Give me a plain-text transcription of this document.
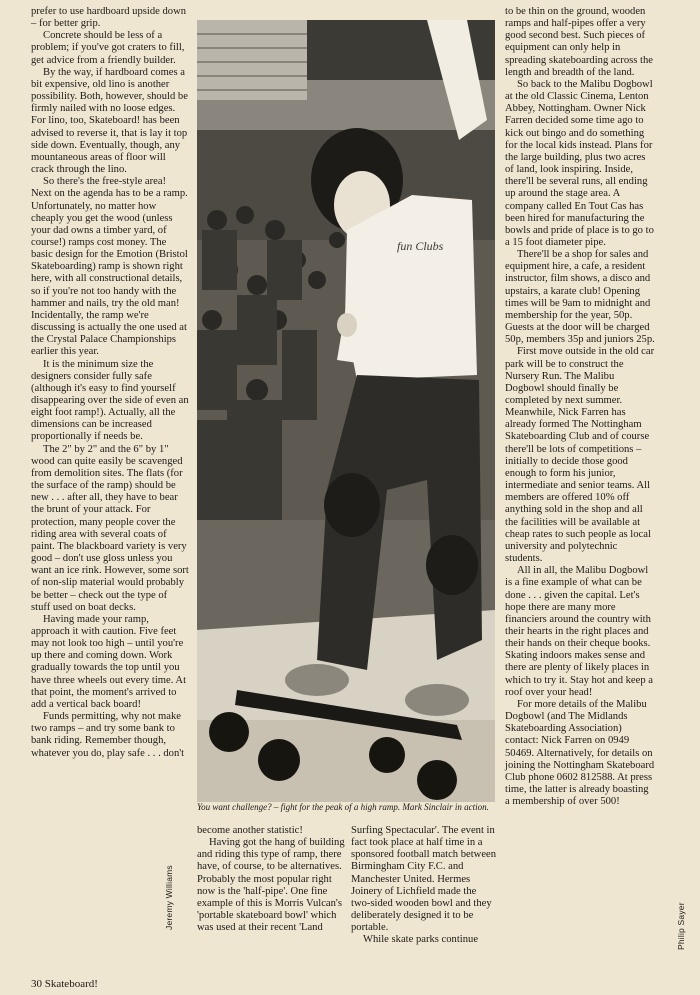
prefer to use hardboard upside down – for better grip.

Concrete should be less of a problem; if you've got craters to fill, get advice from a friendly builder.

By the way, if hardboard comes a bit expensive, old lino is another possibility. Both, however, should be firmly nailed with no loose edges. For lino, too, Skateboard! has been advised to reverse it, that is lay it top side down. Eventually, though, any mountaneous areas of floor will crack through the lino.

So there's the free-style area! Next on the agenda has to be a ramp. Unfortunately, no matter how cheaply you get the wood (unless your dad owns a timber yard, of course!) ramps cost money. The basic design for the Emotion (Bristol Skateboarding) ramp is shown right here, with all constructional details, so if you're not too handy with the hammer and nails, try the old man! Incidentally, the ramp we're discussing is actually the one used at the Crystal Palace Championships earlier this year.

It is the minimum size the designers consider fully safe (although it's easy to find yourself disappearing over the side of even an eight foot ramp!). Actually, all the dimensions can be increased proportionally if needs be.

The 2" by 2" and the 6" by 1" wood can quite easily be scavenged from demolition sites. The flats (for the surface of the ramp) should be new . . . after all, they have to bear the brunt of your attack. For protection, many people cover the riding area with several coats of paint. The blackboard variety is very good – don't use gloss unless you want an ice rink. However, some sort of non-slip material would probably be better – check out the type of stuff used on boat decks.

Having made your ramp, approach it with caution. Five feet may not look too high – until you're up there and coming down. Work gradually towards the top until you have three wheels out every time. At that point, the moment's arrived to add a vertical back board!

Funds permitting, why not make two ramps – and try some bank to bank riding. Remember though, whatever you do, play safe . . . don't

fun Clubs
You want challenge? – fight for the peak of a high ramp. Mark Sinclair in action.

become another statistic!

Having got the hang of building and riding this type of ramp, there have, of course, to be alternatives. Probably the most popular right now is the 'half-pipe'. One fine example of this is Morris Vulcan's 'portable skateboard bowl' which was used at their recent 'Land

Surfing Spectacular'. The event in fact took place at half time in a sponsored football match between Birmingham City F.C. and Manchester United. Hermes Joinery of Lichfield made the two-sided wooden bowl and they deliberately designed it to be portable.

While skate parks continue

to be thin on the ground, wooden ramps and half-pipes offer a very good second best. Such pieces of equipment can only help in spreading skateboarding across the length and breadth of the land.

So back to the Malibu Dogbowl at the old Classic Cinema, Lenton Abbey, Nottingham. Owner Nick Farren decided some time ago to kick out bingo and do something for the local kids instead. Plans for the large building, plus two acres of land, look inspiring. Inside, there'll be several runs, all ending up around the stage area. A company called En Tout Cas has been hired for manufacturing the bowls and pride of place is to go to a 15 foot diameter pipe.

There'll be a shop for sales and equipment hire, a cafe, a resident instructor, film shows, a disco and upstairs, a karate club! Opening times will be 9am to midnight and membership for the year, 50p. Guests at the door will be charged 50p, members 35p and juniors 25p.

First move outside in the old car park will be to construct the Nursery Run. The Malibu Dogbowl should finally be completed by next summer. Meanwhile, Nick Farren has already formed The Nottingham Skateboarding Club and of course there'll be lots of competitions – initially to decide those good enough to form his junior, intermediate and senior teams. All members are offered 10% off anything sold in the shop and all the facilities will be available at cheap rates to such people as local university and polytechnic students.

All in all, the Malibu Dogbowl is a fine example of what can be done . . . given the capital. Let's hope there are many more financiers around the country with their hearts in the right places and their hands on their cheque books. Skating indoors makes sense and there are plenty of likely places in which to try it. Stay hot and keep a roof over your head!

For more details of the Malibu Dogbowl (and The Midlands Skateboarding Association) contact: Nick Farren on 0949 50469. Alternatively, for details on joining the Nottingham Skateboard Club phone 0602 812588. At press time, the latter is already boasting a membership of over 500!

Jeremy Williams	Philip Sayer
30 Skateboard!
